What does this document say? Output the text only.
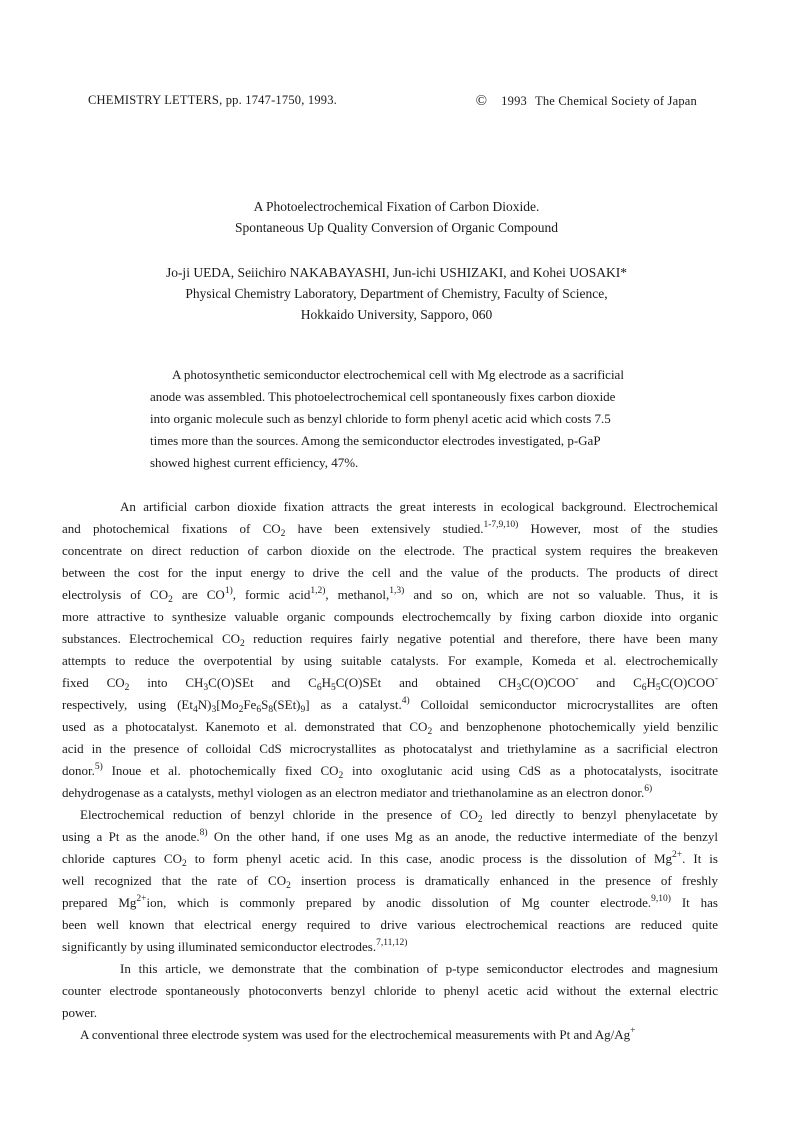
CHEMISTRY LETTERS, pp. 1747-1750, 1993.	© 1993 The Chemical Society of Japan
A Photoelectrochemical Fixation of Carbon Dioxide.
Spontaneous Up Quality Conversion of Organic Compound
Jo-ji UEDA, Seiichiro NAKABAYASHI, Jun-ichi USHIZAKI, and Kohei UOSAKI*
Physical Chemistry Laboratory, Department of Chemistry, Faculty of Science,
Hokkaido University, Sapporo, 060
A photosynthetic semiconductor electrochemical cell with Mg electrode as a sacrificial
anode was assembled. This photoelectrochemical cell spontaneously fixes carbon dioxide
into organic molecule such as benzyl chloride to form phenyl acetic acid which costs 7.5
times more than the sources. Among the semiconductor electrodes investigated, p-GaP
showed highest current efficiency, 47%.
An artificial carbon dioxide fixation attracts the great interests in ecological background. Electrochemical
and photochemical fixations of $CO_2$ have been extensively studied.$^{1-7,9,10)}$ However, most of the studies
concentrate on direct reduction of carbon dioxide on the electrode. The practical system requires the breakeven
between the cost for the input energy to drive the cell and the value of the products. The products of direct
electrolysis of $CO_2$ are CO$^{1)}$, formic acid$^{1,2)}$, methanol,$^{1,3)}$ and so on, which are not so valuable. Thus, it is
more attractive to synthesize valuable organic compounds electrochemcally by fixing carbon dioxide into organic
substances. Electrochemical $CO_2$ reduction requires fairly negative potential and therefore, there have been many
attempts to reduce the overpotential by using suitable catalysts. For example, Komeda et al. electrochemically
fixed $CO_2$ into $CH_3C(O)SEt$ and $C_6H_5C(O)SEt$ and obtained $CH_3C(O)COO^-$ and $C_6H_5C(O)COO^-$
respectively, using $(Et_4N)_3[Mo_2Fe_6S_8(SEt)_9]$ as a catalyst.$^{4)}$ Colloidal semiconductor microcrystallites are often
used as a photocatalyst. Kanemoto et al. demonstrated that $CO_2$ and benzophenone photochemically yield benzilic
acid in the presence of colloidal CdS microcrystallites as photocatalyst and triethylamine as a sacrificial electron
donor.$^{5)}$ Inoue et al. photochemically fixed $CO_2$ into oxoglutanic acid using CdS as a photocatalysts, isocitrate
dehydrogenase as a catalysts, methyl viologen as an electron mediator and triethanolamine as an electron donor.$^{6)}$
Electrochemical reduction of benzyl chloride in the presence of $CO_2$ led directly to benzyl phenylacetate by
using a Pt as the anode.$^{8)}$ On the other hand, if one uses Mg as an anode, the reductive intermediate of the benzyl
chloride captures $CO_2$ to form phenyl acetic acid. In this case, anodic process is the dissolution of $Mg^{2+}$. It is
well recognized that the rate of $CO_2$ insertion process is dramatically enhanced in the presence of freshly
prepared $Mg^{2+}ion$, which is commonly prepared by anodic dissolution of Mg counter electrode.$^{9,10)}$ It has
been well known that electrical energy required to drive various electrochemical reactions are reduced quite
significantly by using illuminated semiconductor electrodes.$^{7,11,12)}$
In this article, we demonstrate that the combination of p-type semiconductor electrodes and magnesium
counter electrode spontaneously photoconverts benzyl chloride to phenyl acetic acid without the external electric
power.
A conventional three electrode system was used for the electrochemical measurements with Pt and Ag/Ag+
